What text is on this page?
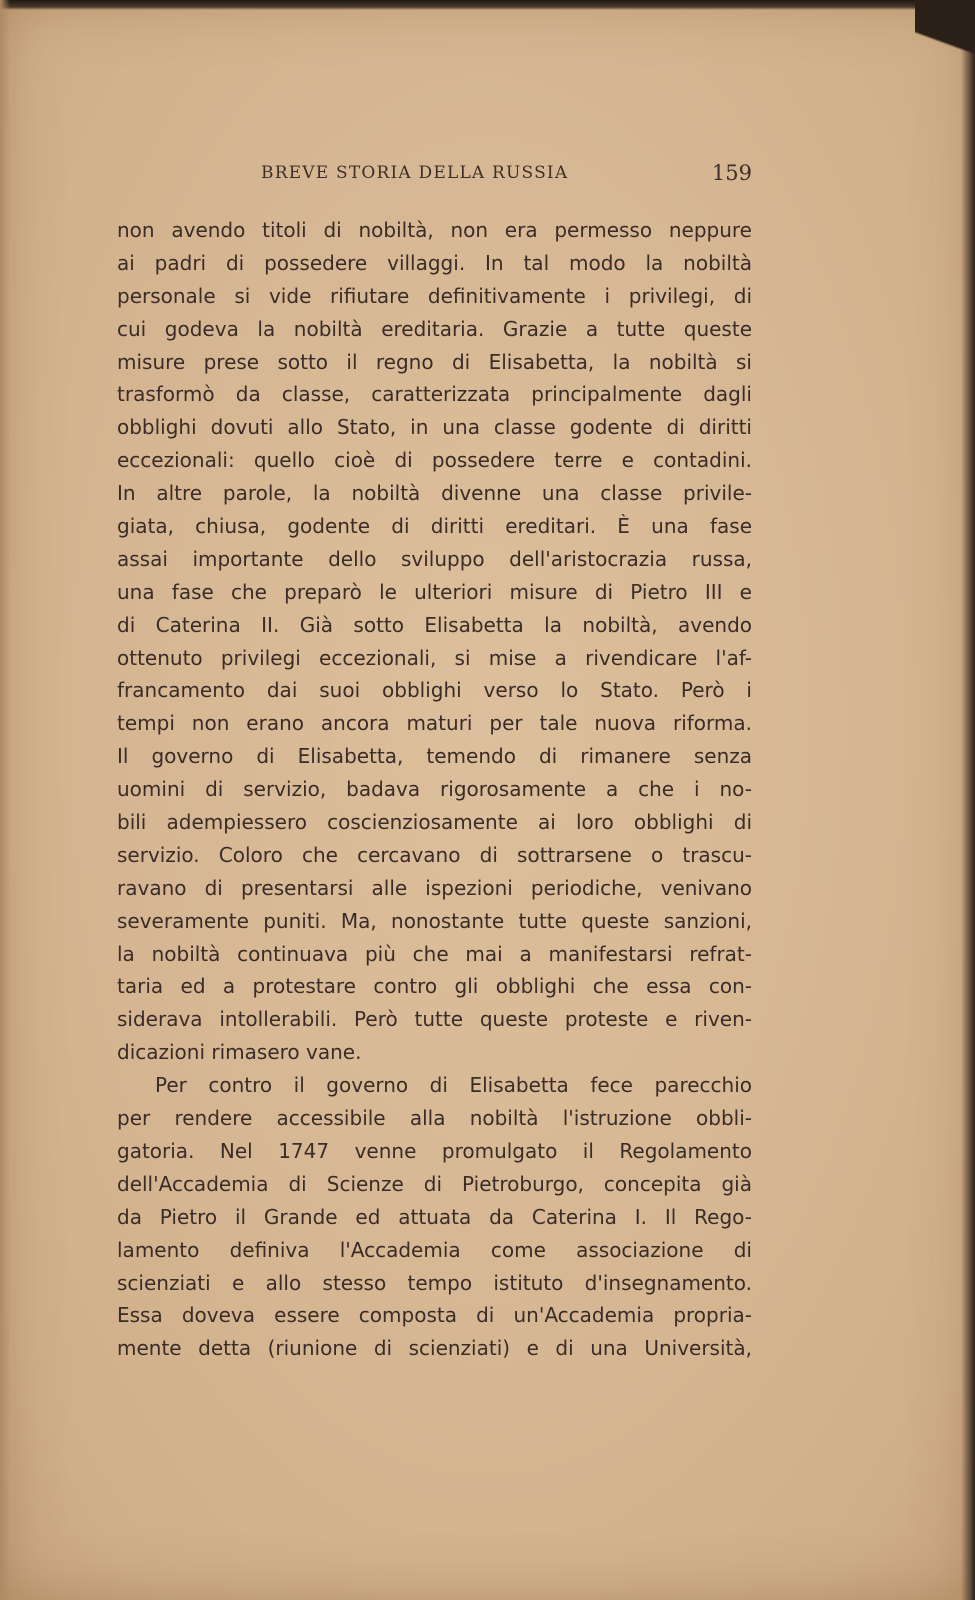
BREVE STORIA DELLA RUSSIA	159
non avendo titoli di nobiltà, non era permesso neppure
ai padri di possedere villaggi. In tal modo la nobiltà
personale si vide rifiutare definitivamente i privilegi, di
cui godeva la nobiltà ereditaria. Grazie a tutte queste
misure prese sotto il regno di Elisabetta, la nobiltà si
trasformò da classe, caratterizzata principalmente dagli
obblighi dovuti allo Stato, in una classe godente di diritti
eccezionali: quello cioè di possedere terre e contadini.
In altre parole, la nobiltà divenne una classe privile-
giata, chiusa, godente di diritti ereditari. È una fase
assai importante dello sviluppo dell'aristocrazia russa,
una fase che preparò le ulteriori misure di Pietro III e
di Caterina II. Già sotto Elisabetta la nobiltà, avendo
ottenuto privilegi eccezionali, si mise a rivendicare l'af-
francamento dai suoi obblighi verso lo Stato. Però i
tempi non erano ancora maturi per tale nuova riforma.
Il governo di Elisabetta, temendo di rimanere senza
uomini di servizio, badava rigorosamente a che i no-
bili adempiessero coscienziosamente ai loro obblighi di
servizio. Coloro che cercavano di sottrarsene o trascu-
ravano di presentarsi alle ispezioni periodiche, venivano
severamente puniti. Ma, nonostante tutte queste sanzioni,
la nobiltà continuava più che mai a manifestarsi refrat-
taria ed a protestare contro gli obblighi che essa con-
siderava intollerabili. Però tutte queste proteste e riven-
dicazioni rimasero vane.
Per contro il governo di Elisabetta fece parecchio
per rendere accessibile alla nobiltà l'istruzione obbli-
gatoria. Nel 1747 venne promulgato il Regolamento
dell'Accademia di Scienze di Pietroburgo, concepita già
da Pietro il Grande ed attuata da Caterina I. Il Rego-
lamento definiva l'Accademia come associazione di
scienziati e allo stesso tempo istituto d'insegnamento.
Essa doveva essere composta di un'Accademia propria-
mente detta (riunione di scienziati) e di una Università,
